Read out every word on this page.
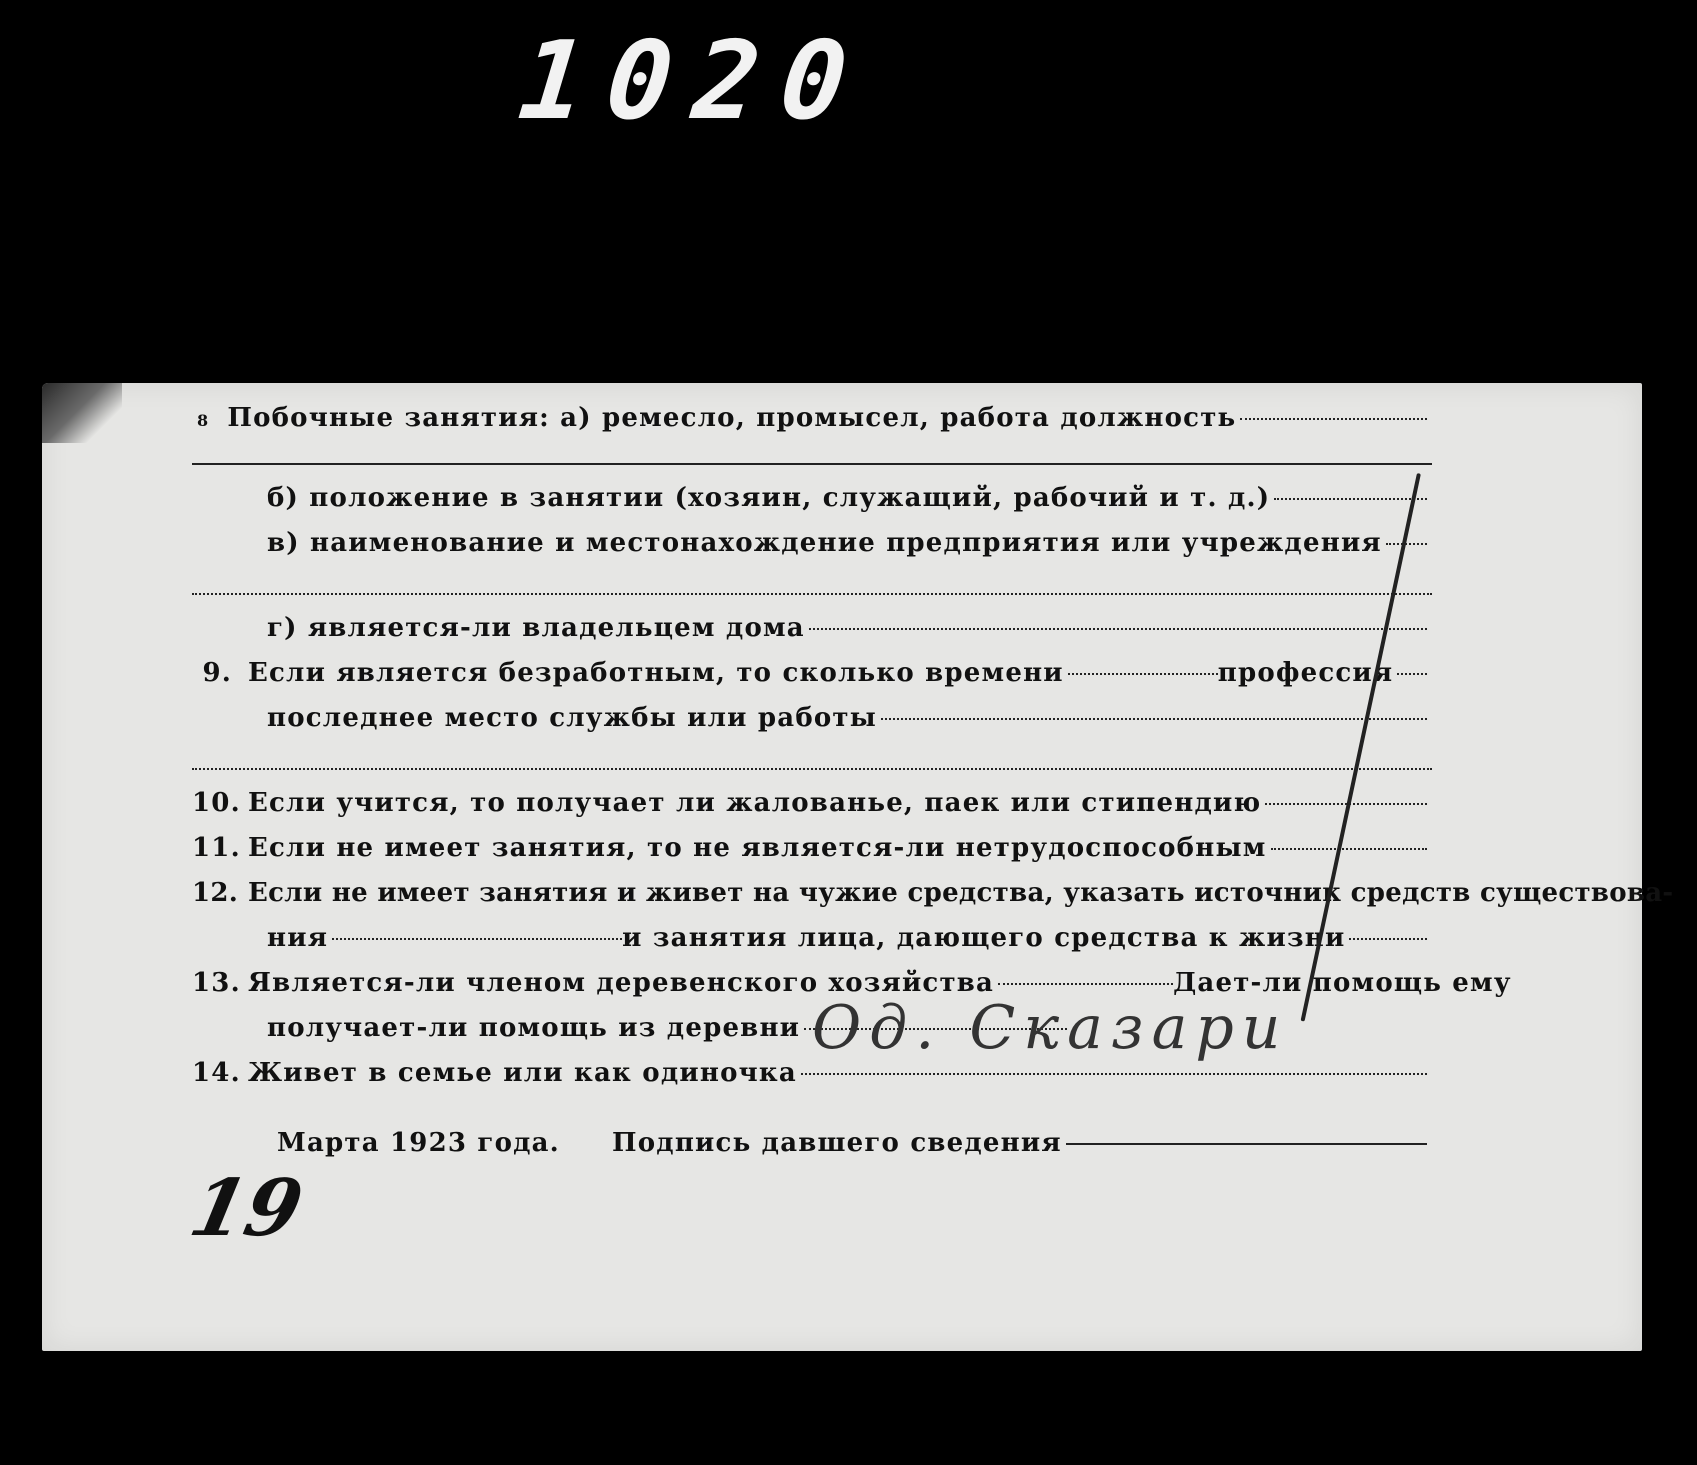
1020
8 Побочные занятия: а) ремесло, промысел, работа должность
б) положение в занятии (хозяин, служащий, рабочий и т. д.)
в) наименование и местонахождение предприятия или учреждения
г) является-ли владельцем дома
9. Если является безработным, то сколько времени	профессия
последнее место службы или работы
10. Если учится, то получает ли жалованье, паек или стипендию
11. Если не имеет занятия, то не является-ли нетрудоспособным
12. Если не имеет занятия и живет на чужие средства, указать источник средств существова-
ния	и занятия лица, дающего средства к жизни
13. Является-ли членом деревенского хозяйства	Дает-ли помощь ему
получает-ли помощь из деревни
14. Живет в семье или как одиночка
Од. Сказари
19
Марта 1923 года. Подпись давшего сведения
